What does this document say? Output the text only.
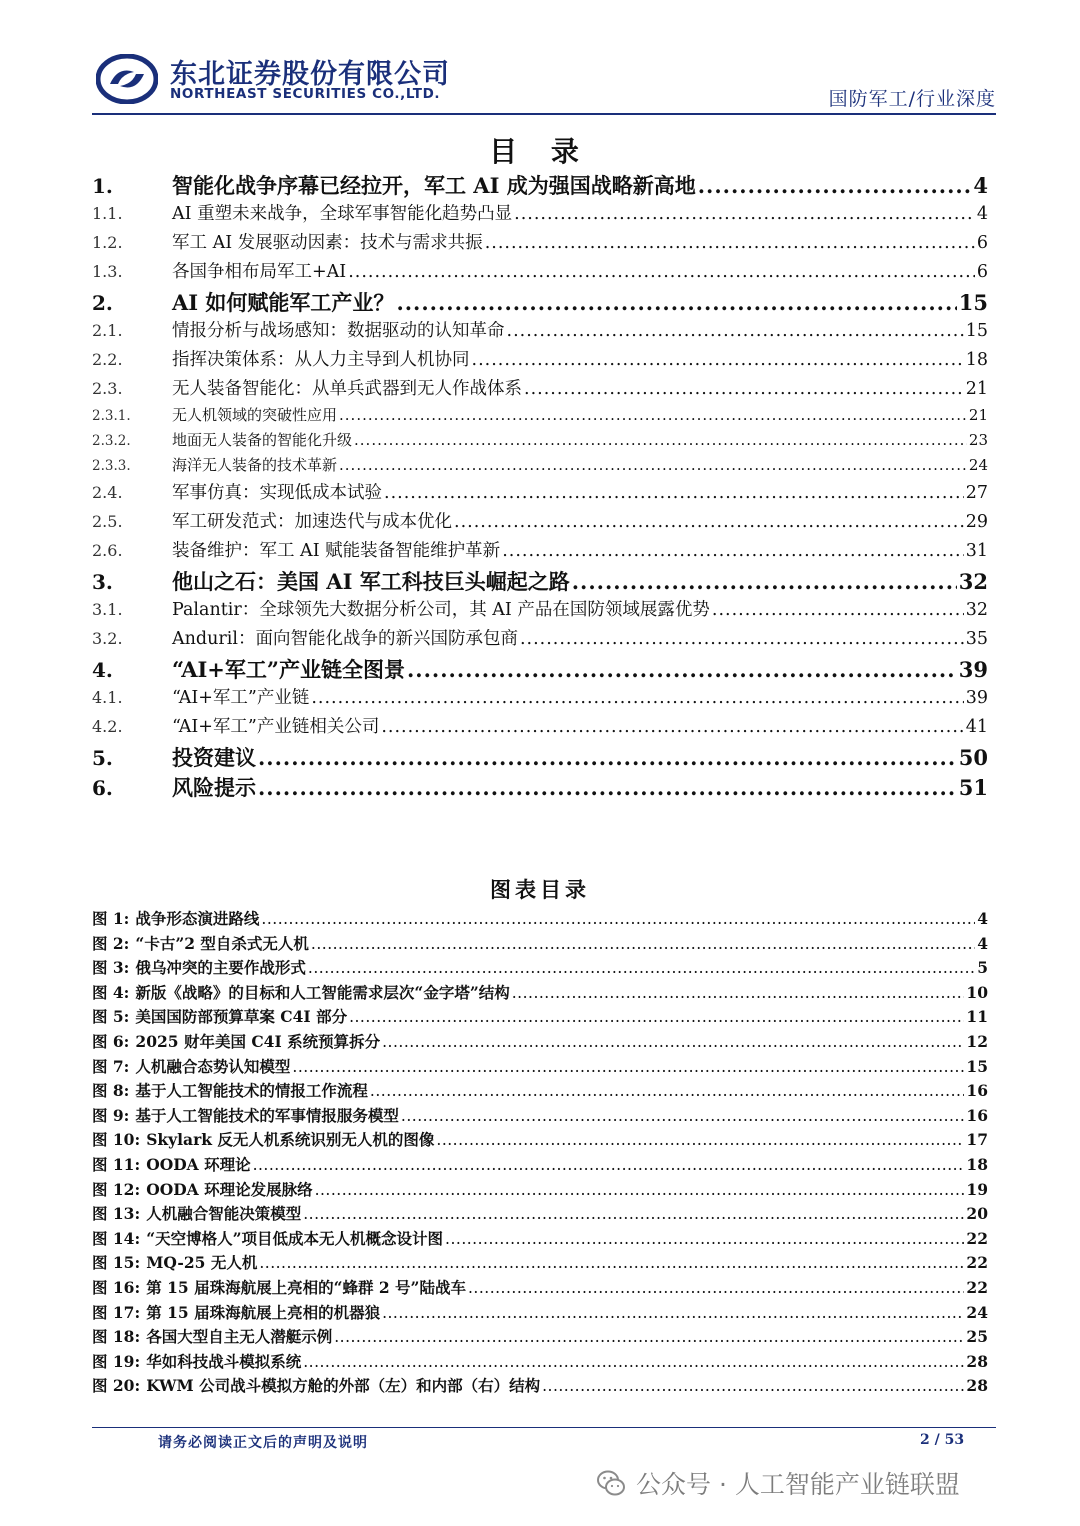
东北证券股份有限公司
NORTHEAST SECURITIES CO.,LTD.	国防军工/行业深度
目 录
1.	智能化战争序幕已经拉开，军工 AI 成为强国战略新高地 .....	4
1.1.	AI 重塑未来战争，全球军事智能化趋势凸显 .....	4
1.2.	军工 AI 发展驱动因素：技术与需求共振 .....	6
1.3.	各国争相布局军工+AI .....	6
2.	AI 如何赋能军工产业？ .....	15
2.1.	情报分析与战场感知：数据驱动的认知革命 .....	15
2.2.	指挥决策体系：从人力主导到人机协同 .....	18
2.3.	无人装备智能化：从单兵武器到无人作战体系 .....	21
2.3.1.	无人机领域的突破性应用 .....	21
2.3.2.	地面无人装备的智能化升级 .....	23
2.3.3.	海洋无人装备的技术革新 .....	24
2.4.	军事仿真：实现低成本试验 .....	27
2.5.	军工研发范式：加速迭代与成本优化 .....	29
2.6.	装备维护：军工 AI 赋能装备智能维护革新 .....	31
3.	他山之石：美国 AI 军工科技巨头崛起之路 .....	32
3.1.	Palantir：全球领先大数据分析公司，其 AI 产品在国防领域展露优势 .....	32
3.2.	Anduril：面向智能化战争的新兴国防承包商 .....	35
4.	“AI+军工”产业链全图景 .....	39
4.1.	“AI+军工”产业链 .....	39
4.2.	“AI+军工”产业链相关公司 .....	41
5.	投资建议 .....	50
6.	风险提示 .....	51
图表目录
图 1: 战争形态演进路线 .....	4
图 2: “卡古”2 型自杀式无人机 .....	4
图 3: 俄乌冲突的主要作战形式 .....	5
图 4: 新版《战略》的目标和人工智能需求层次“金字塔”结构 .....	10
图 5: 美国国防部预算草案 C4I 部分 .....	11
图 6: 2025 财年美国 C4I 系统预算拆分 .....	12
图 7: 人机融合态势认知模型 .....	15
图 8: 基于人工智能技术的情报工作流程 .....	16
图 9: 基于人工智能技术的军事情报服务模型 .....	16
图 10: Skylark 反无人机系统识别无人机的图像 .....	17
图 11: OODA 环理论 .....	18
图 12: OODA 环理论发展脉络 .....	19
图 13: 人机融合智能决策模型 .....	20
图 14: “天空博格人”项目低成本无人机概念设计图 .....	22
图 15: MQ-25 无人机 .....	22
图 16: 第 15 届珠海航展上亮相的“蜂群 2 号”陆战车 .....	22
图 17: 第 15 届珠海航展上亮相的机器狼 .....	24
图 18: 各国大型自主无人潜艇示例 .....	25
图 19: 华如科技战斗模拟系统 .....	28
图 20: KWM 公司战斗模拟方舱的外部（左）和内部（右）结构 .....	28
请务必阅读正文后的声明及说明	2 / 53
公众号 · 人工智能产业链联盟
